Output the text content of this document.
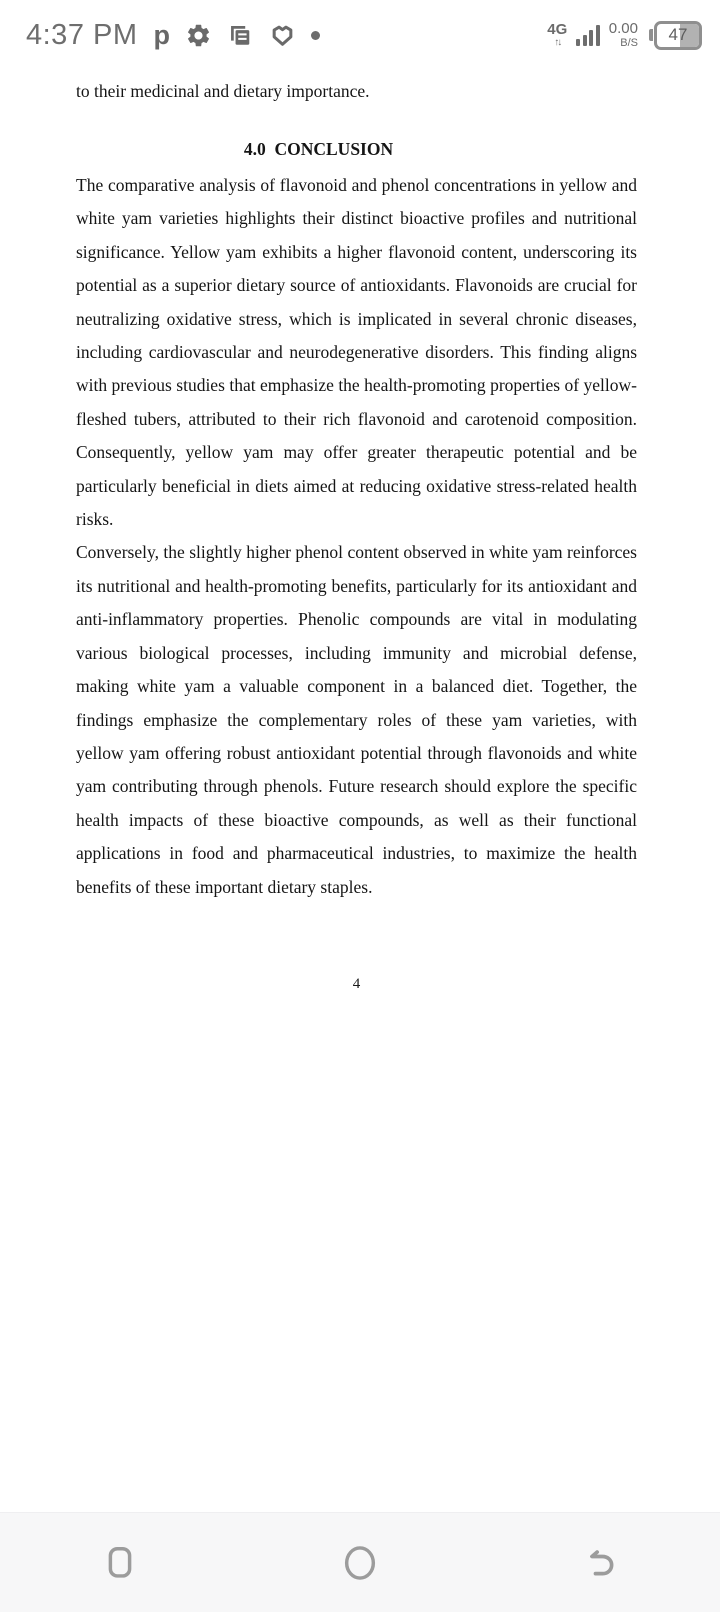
4:37 PM p	4G
↑↓
0.00
B/S	47

to their medicinal and dietary importance.

4.0  CONCLUSION

The comparative analysis of flavonoid and phenol concentrations in yellow and white yam varieties highlights their distinct bioactive profiles and nutritional significance. Yellow yam exhibits a higher flavonoid content, underscoring its potential as a superior dietary source of antioxidants. Flavonoids are crucial for neutralizing oxidative stress, which is implicated in several chronic diseases, including cardiovascular and neurodegenerative disorders. This finding aligns with previous studies that emphasize the health-promoting properties of yellow-fleshed tubers, attributed to their rich flavonoid and carotenoid composition. Consequently, yellow yam may offer greater therapeutic potential and be particularly beneficial in diets aimed at reducing oxidative stress-related health risks.

Conversely, the slightly higher phenol content observed in white yam reinforces its nutritional and health-promoting benefits, particularly for its antioxidant and anti-inflammatory properties. Phenolic compounds are vital in modulating various biological processes, including immunity and microbial defense, making white yam a valuable component in a balanced diet. Together, the findings emphasize the complementary roles of these yam varieties, with yellow yam offering robust antioxidant potential through flavonoids and white yam contributing through phenols. Future research should explore the specific health impacts of these bioactive compounds, as well as their functional applications in food and pharmaceutical industries, to maximize the health benefits of these important dietary staples.

4
